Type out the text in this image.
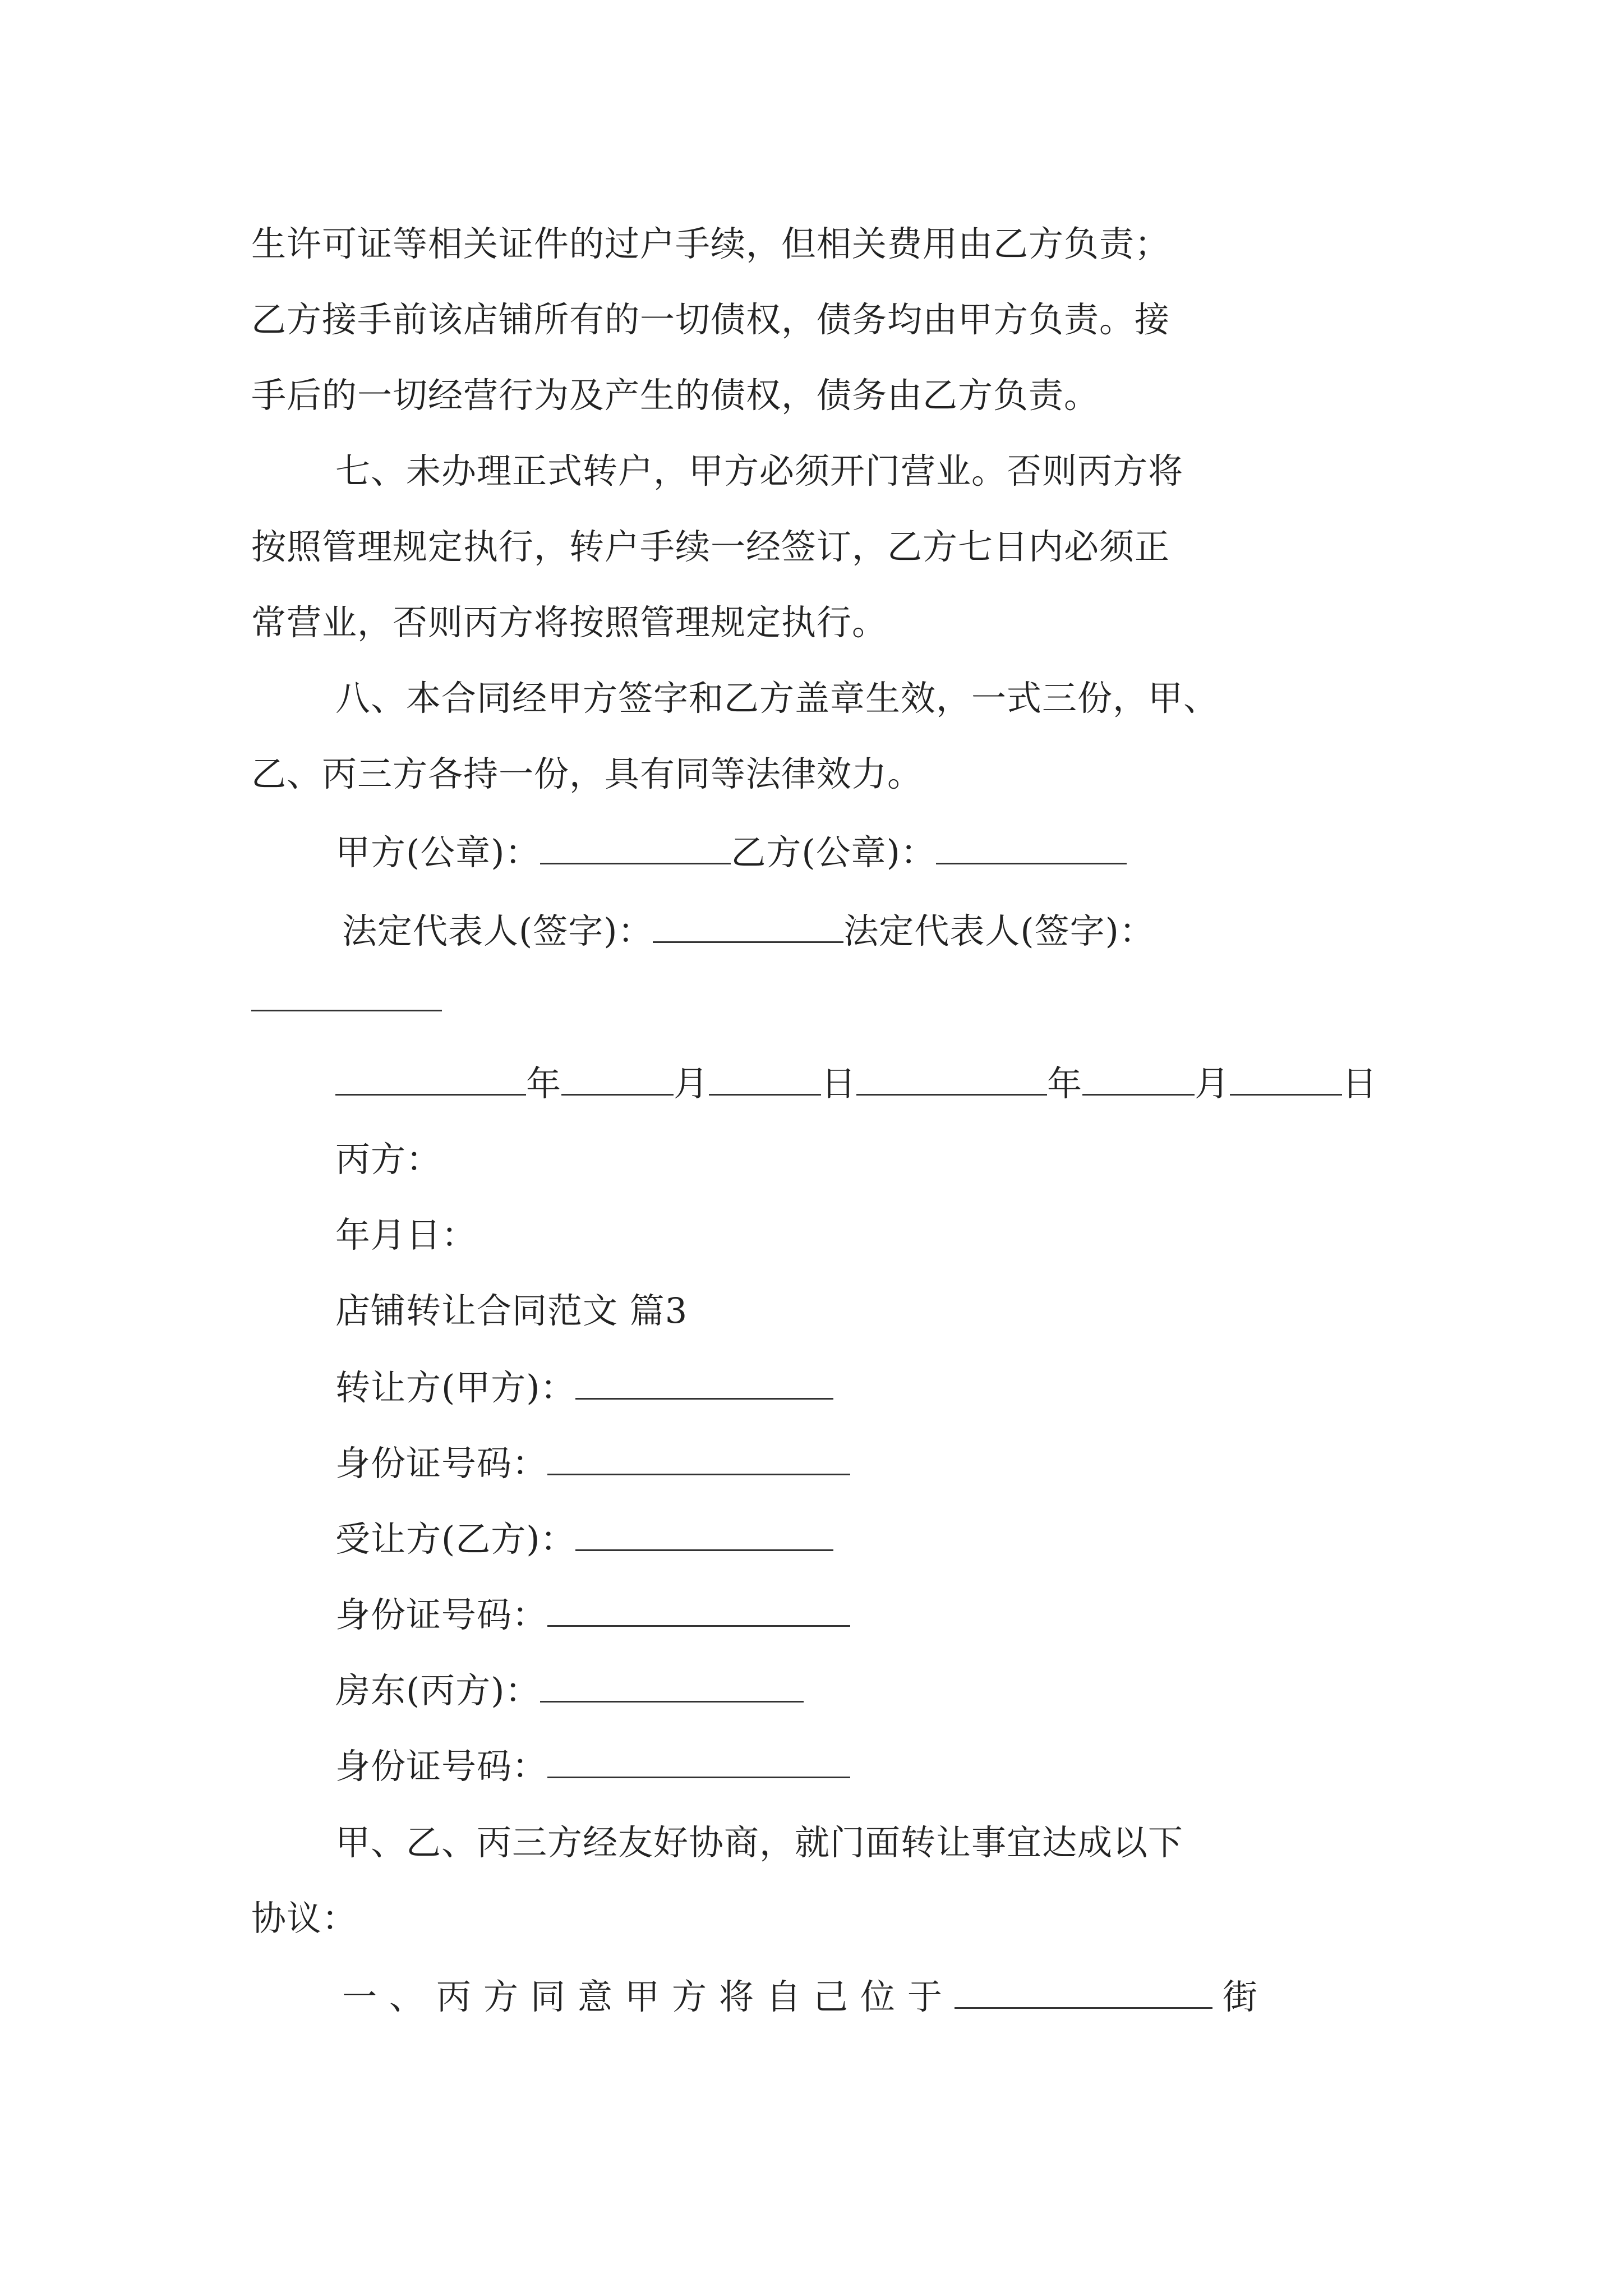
生许可证等相关证件的过户手续，但相关费用由乙方负责；
乙方接手前该店铺所有的一切债权，债务均由甲方负责。接
手后的一切经营行为及产生的债权，债务由乙方负责。
七、未办理正式转户，甲方必须开门营业。否则丙方将
按照管理规定执行，转户手续一经签订，乙方七日内必须正
常营业，否则丙方将按照管理规定执行。
八、本合同经甲方签字和乙方盖章生效，一式三份，甲、
乙、丙三方各持一份，具有同等法律效力。
甲方(公章)：	乙方(公章)：
法定代表人(签字)：	法定代表人(签字)：
年	月	日	年	月	日
丙方：
年月日：
店铺转让合同范文 篇3
转让方(甲方)：
身份证号码：
受让方(乙方)：
身份证号码：
房东(丙方)：
身份证号码：
甲、乙、丙三方经友好协商，就门面转让事宜达成以下
协议：
一、丙方同意甲方将自己位于	街
